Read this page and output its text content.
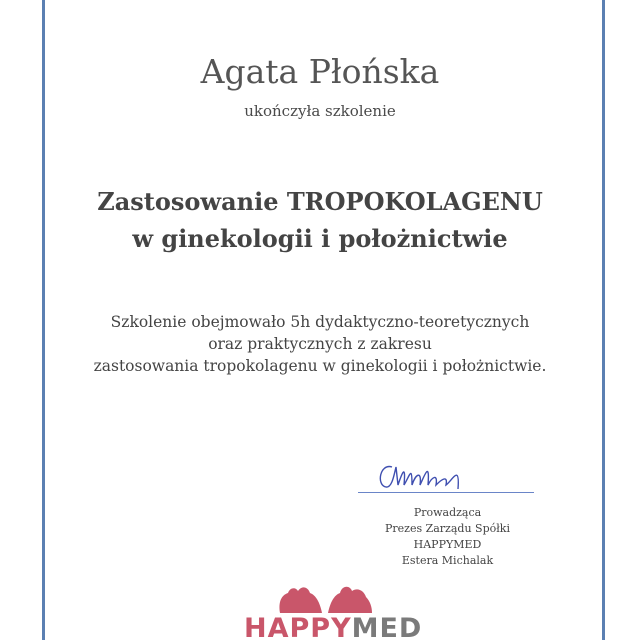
Agata Płońska
ukończyła szkolenie
Zastosowanie TROPOKOLAGENU
w ginekologii i położnictwie
Szkolenie obejmowało 5h dydaktyczno-teoretycznych
oraz praktycznych z zakresu
zastosowania tropokolagenu w ginekologii i położnictwie.
Prowadząca
Prezes Zarządu Spółki
HAPPYMED
Estera Michalak
HAPPYMED
